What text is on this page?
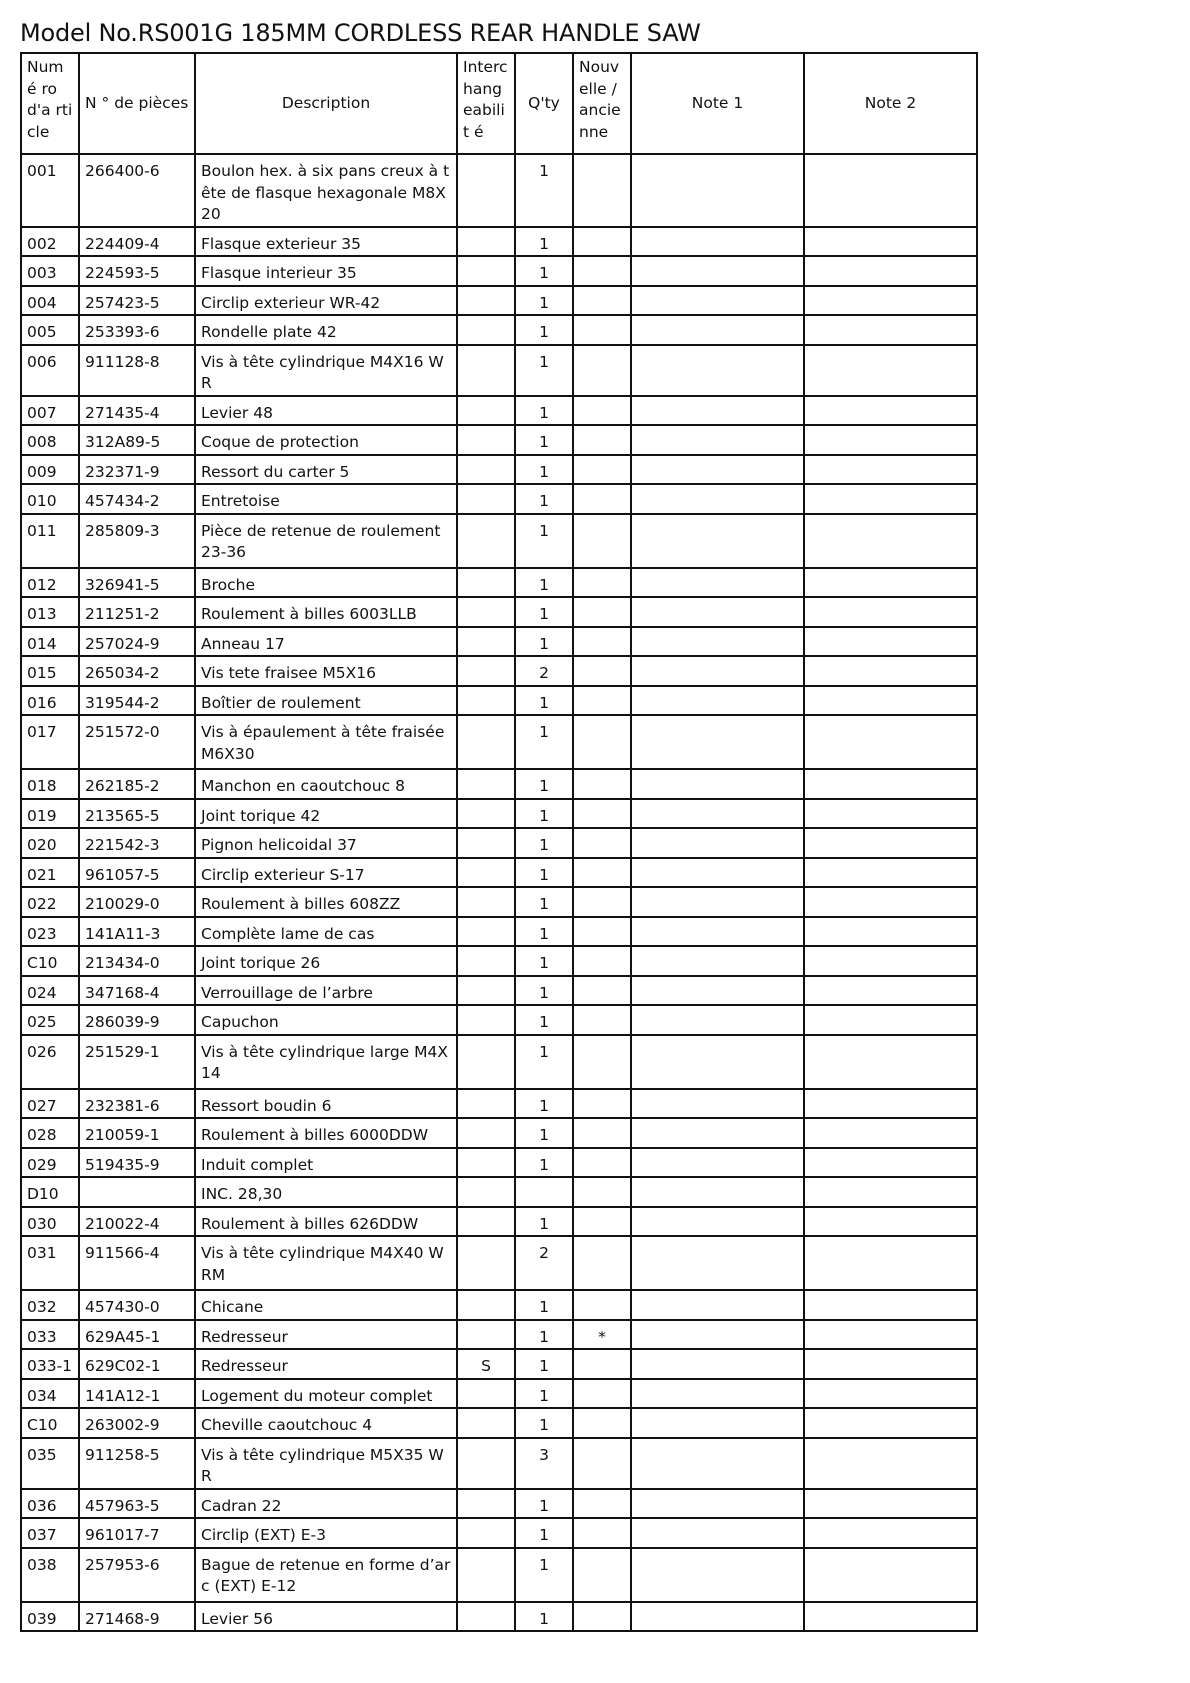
Model No.RS001G 185MM CORDLESS REAR HANDLE SAW
Numé ro d'a rticle	N ° de pièces	Description	Interc hang eabilit é	Q'ty	Nouv elle / ancie nne	Note 1	Note 2
001	266400-6	Boulon hex. à six pans creux à tête de flasque hexagonale M8X20		1			
002	224409-4	Flasque exterieur 35		1			
003	224593-5	Flasque interieur 35		1			
004	257423-5	Circlip exterieur WR-42		1			
005	253393-6	Rondelle plate 42		1			
006	911128-8	Vis à tête cylindrique M4X16 WR		1			
007	271435-4	Levier 48		1			
008	312A89-5	Coque de protection		1			
009	232371-9	Ressort du carter 5		1			
010	457434-2	Entretoise		1			
011	285809-3	Pièce de retenue de roulement 23-36		1			
012	326941-5	Broche		1			
013	211251-2	Roulement à billes 6003LLB		1			
014	257024-9	Anneau 17		1			
015	265034-2	Vis tete fraisee M5X16		2			
016	319544-2	Boîtier de roulement		1			
017	251572-0	Vis à épaulement à tête fraisée M6X30		1			
018	262185-2	Manchon en caoutchouc 8		1			
019	213565-5	Joint torique 42		1			
020	221542-3	Pignon helicoidal 37		1			
021	961057-5	Circlip exterieur S-17		1			
022	210029-0	Roulement à billes 608ZZ		1			
023	141A11-3	Complète lame de cas		1			
C10	213434-0	Joint torique 26		1			
024	347168-4	Verrouillage de l’arbre		1			
025	286039-9	Capuchon		1			
026	251529-1	Vis à tête cylindrique large M4X14		1			
027	232381-6	Ressort boudin 6		1			
028	210059-1	Roulement à billes 6000DDW		1			
029	519435-9	Induit complet		1			
D10		INC. 28,30					
030	210022-4	Roulement à billes 626DDW		1			
031	911566-4	Vis à tête cylindrique M4X40 WRM		2			
032	457430-0	Chicane		1			
033	629A45-1	Redresseur		1	*		
033-1	629C02-1	Redresseur	S	1			
034	141A12-1	Logement du moteur complet		1			
C10	263002-9	Cheville caoutchouc 4		1			
035	911258-5	Vis à tête cylindrique M5X35 WR		3			
036	457963-5	Cadran 22		1			
037	961017-7	Circlip (EXT) E-3		1			
038	257953-6	Bague de retenue en forme d’arc (EXT) E-12		1			
039	271468-9	Levier 56		1			
